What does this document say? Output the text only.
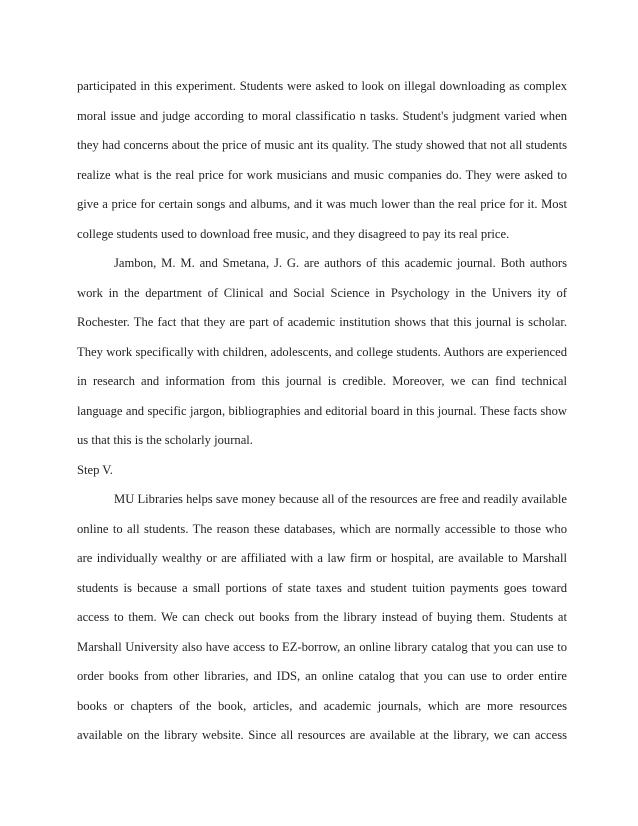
participated in this experiment. Students were asked to look on illegal downloading as complex
moral issue and judge according to moral classificatio n tasks. Student's judgment varied when
they had concerns about the price of music ant its quality. The study showed that not all students
realize what is the real price for work musicians and music companies do. They were asked to
give a price for certain songs and albums, and it was much lower than the real price for it. Most
college students used to download free music, and they disagreed to pay its real price.
Jambon, M. M. and Smetana, J. G. are authors of this academic journal. Both authors
work in the department of Clinical and Social Science in Psychology in the Univers ity of
Rochester. The fact that they are part of academic institution shows that this journal is scholar.
They work specifically with children, adolescents, and college students. Authors are experienced
in research and information from this journal is credible. Moreover, we can find technical
language and specific jargon, bibliographies and editorial board in this journal. These facts show
us that this is the scholarly journal.
Step V.
MU Libraries helps save money because all of the resources are free and readily available
online to all students. The reason these databases, which are normally accessible to those who
are individually wealthy or are affiliated with a law firm or hospital, are available to Marshall
students is because a small portions of state taxes and student tuition payments goes toward
access to them. We can check out books from the library instead of buying them. Students at
Marshall University also have access to EZ-borrow, an online library catalog that you can use to
order books from other libraries, and IDS, an online catalog that you can use to order entire
books or chapters of the book, articles, and academic journals, which are more resources
available on the library website. Since all resources are available at the library, we can access
